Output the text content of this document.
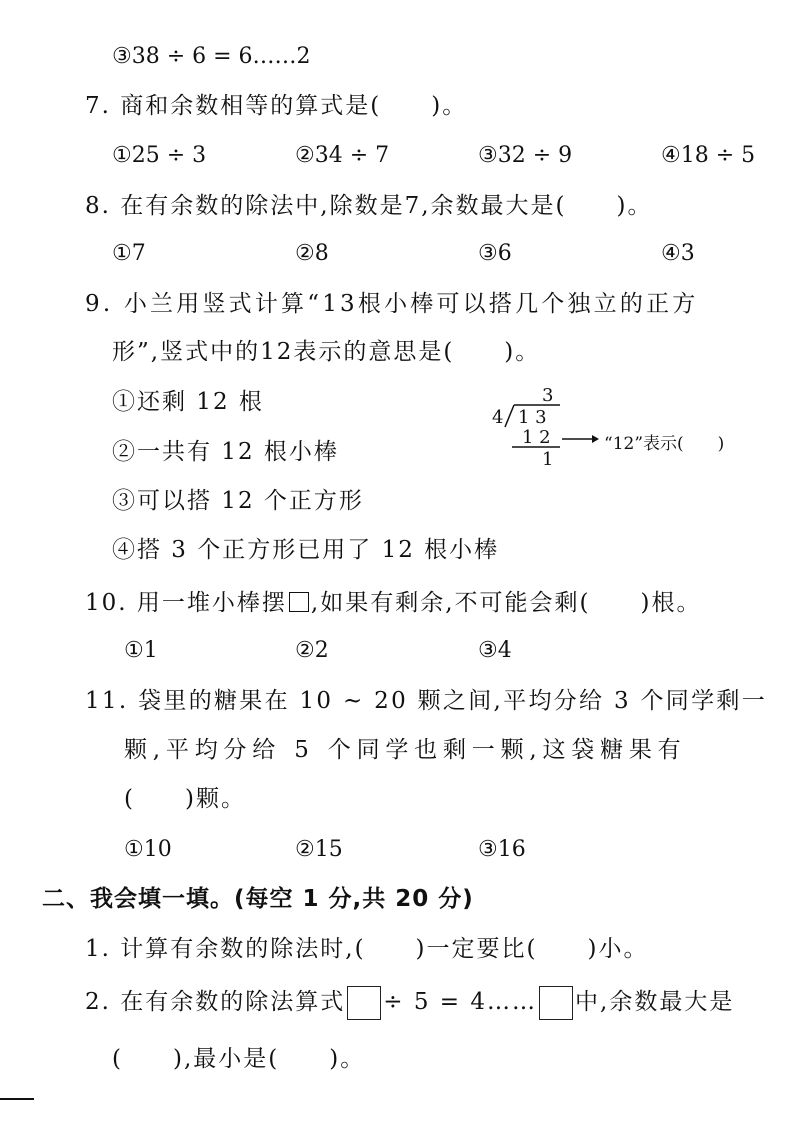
③38 ÷ 6 = 6……2
7. 商和余数相等的算式是(　　)。
①25 ÷ 3	②34 ÷ 7	③32 ÷ 9	④18 ÷ 5
8. 在有余数的除法中,除数是7,余数最大是(　　)。
①7	②8	③6	④3
9. 小兰用竖式计算“13根小棒可以搭几个独立的正方
形”,竖式中的12表示的意思是(　　)。
①还剩 12 根
②一共有 12 根小棒
③可以搭 12 个正方形
④搭 3 个正方形已用了 12 根小棒
3
4 1 3
1 2
1
“12”表示(　　)
10. 用一堆小棒摆 ,如果有剩余,不可能会剩(　　)根。
①1	②2	③4
11. 袋里的糖果在 10 ~ 20 颗之间,平均分给 3 个同学剩一
颗,平均分给 5 个同学也剩一颗,这袋糖果有
(　　)颗。
①10	②15	③16
二、我会填一填。(每空 1 分,共 20 分)
1. 计算有余数的除法时,(　　)一定要比(　　)小。
2. 在有余数的除法算式 ÷ 5 = 4…… 中,余数最大是
(　　),最小是(　　)。
